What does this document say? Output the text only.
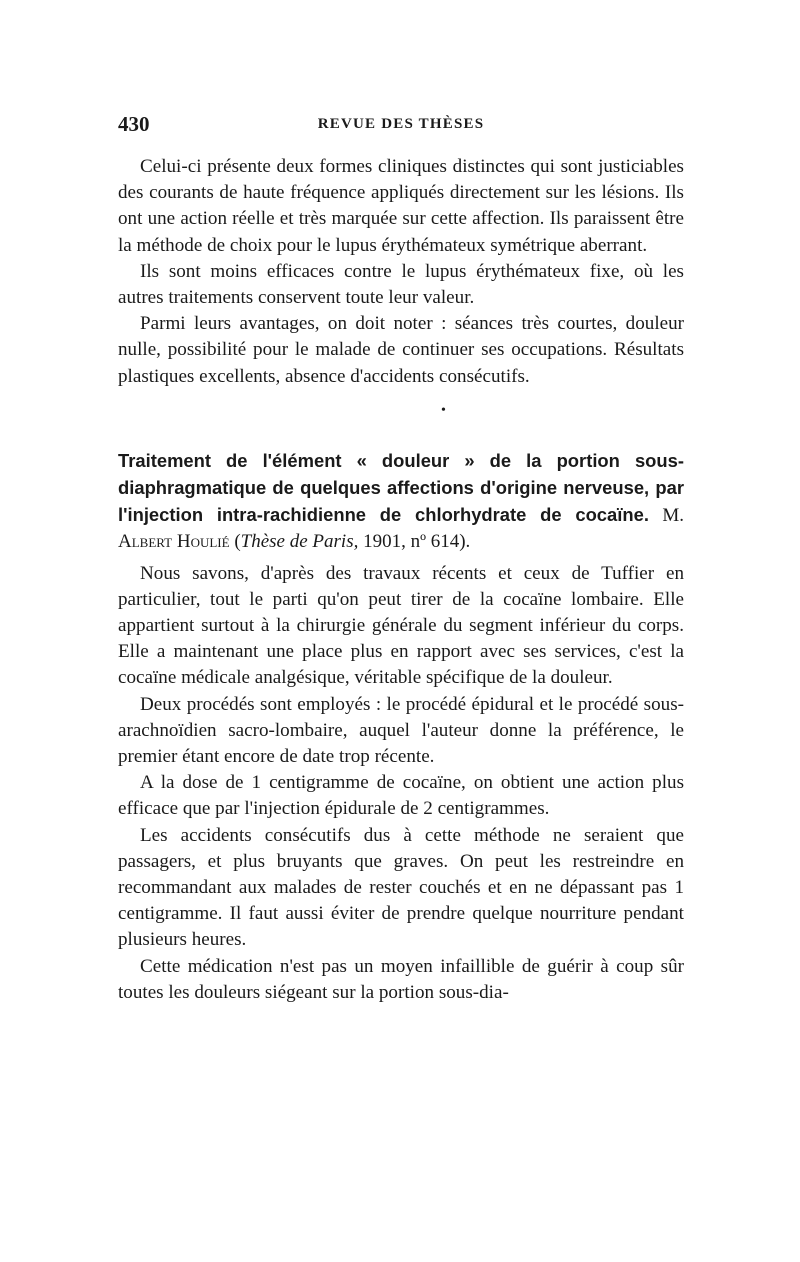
430	REVUE DES THÈSES

Celui-ci présente deux formes cliniques distinctes qui sont justiciables des courants de haute fréquence appliqués directement sur les lésions. Ils ont une action réelle et très marquée sur cette affection. Ils paraissent être la méthode de choix pour le lupus érythémateux symétrique aberrant.

Ils sont moins efficaces contre le lupus érythémateux fixe, où les autres traitements conservent toute leur valeur.

Parmi leurs avantages, on doit noter : séances très courtes, douleur nulle, possibilité pour le malade de continuer ses occupations. Résultats plastiques excellents, absence d'accidents consécutifs.

•
Traitement de l'élément « douleur » de la portion sous-diaphragmatique de quelques affections d'origine nerveuse, par l'injection intra-rachidienne de chlorhydrate de cocaïne. M. Albert Houlié (Thèse de Paris, 1901, nº 614).

Nous savons, d'après des travaux récents et ceux de Tuffier en particulier, tout le parti qu'on peut tirer de la cocaïne lombaire. Elle appartient surtout à la chirurgie générale du segment inférieur du corps. Elle a maintenant une place plus en rapport avec ses services, c'est la cocaïne médicale analgésique, véritable spécifique de la douleur.

Deux procédés sont employés : le procédé épidural et le procédé sous-arachnoïdien sacro-lombaire, auquel l'auteur donne la préférence, le premier étant encore de date trop récente.

A la dose de 1 centigramme de cocaïne, on obtient une action plus efficace que par l'injection épidurale de 2 centigrammes.

Les accidents consécutifs dus à cette méthode ne seraient que passagers, et plus bruyants que graves. On peut les restreindre en recommandant aux malades de rester couchés et en ne dépassant pas 1 centigramme. Il faut aussi éviter de prendre quelque nourriture pendant plusieurs heures.

Cette médication n'est pas un moyen infaillible de guérir à coup sûr toutes les douleurs siégeant sur la portion sous-dia-
